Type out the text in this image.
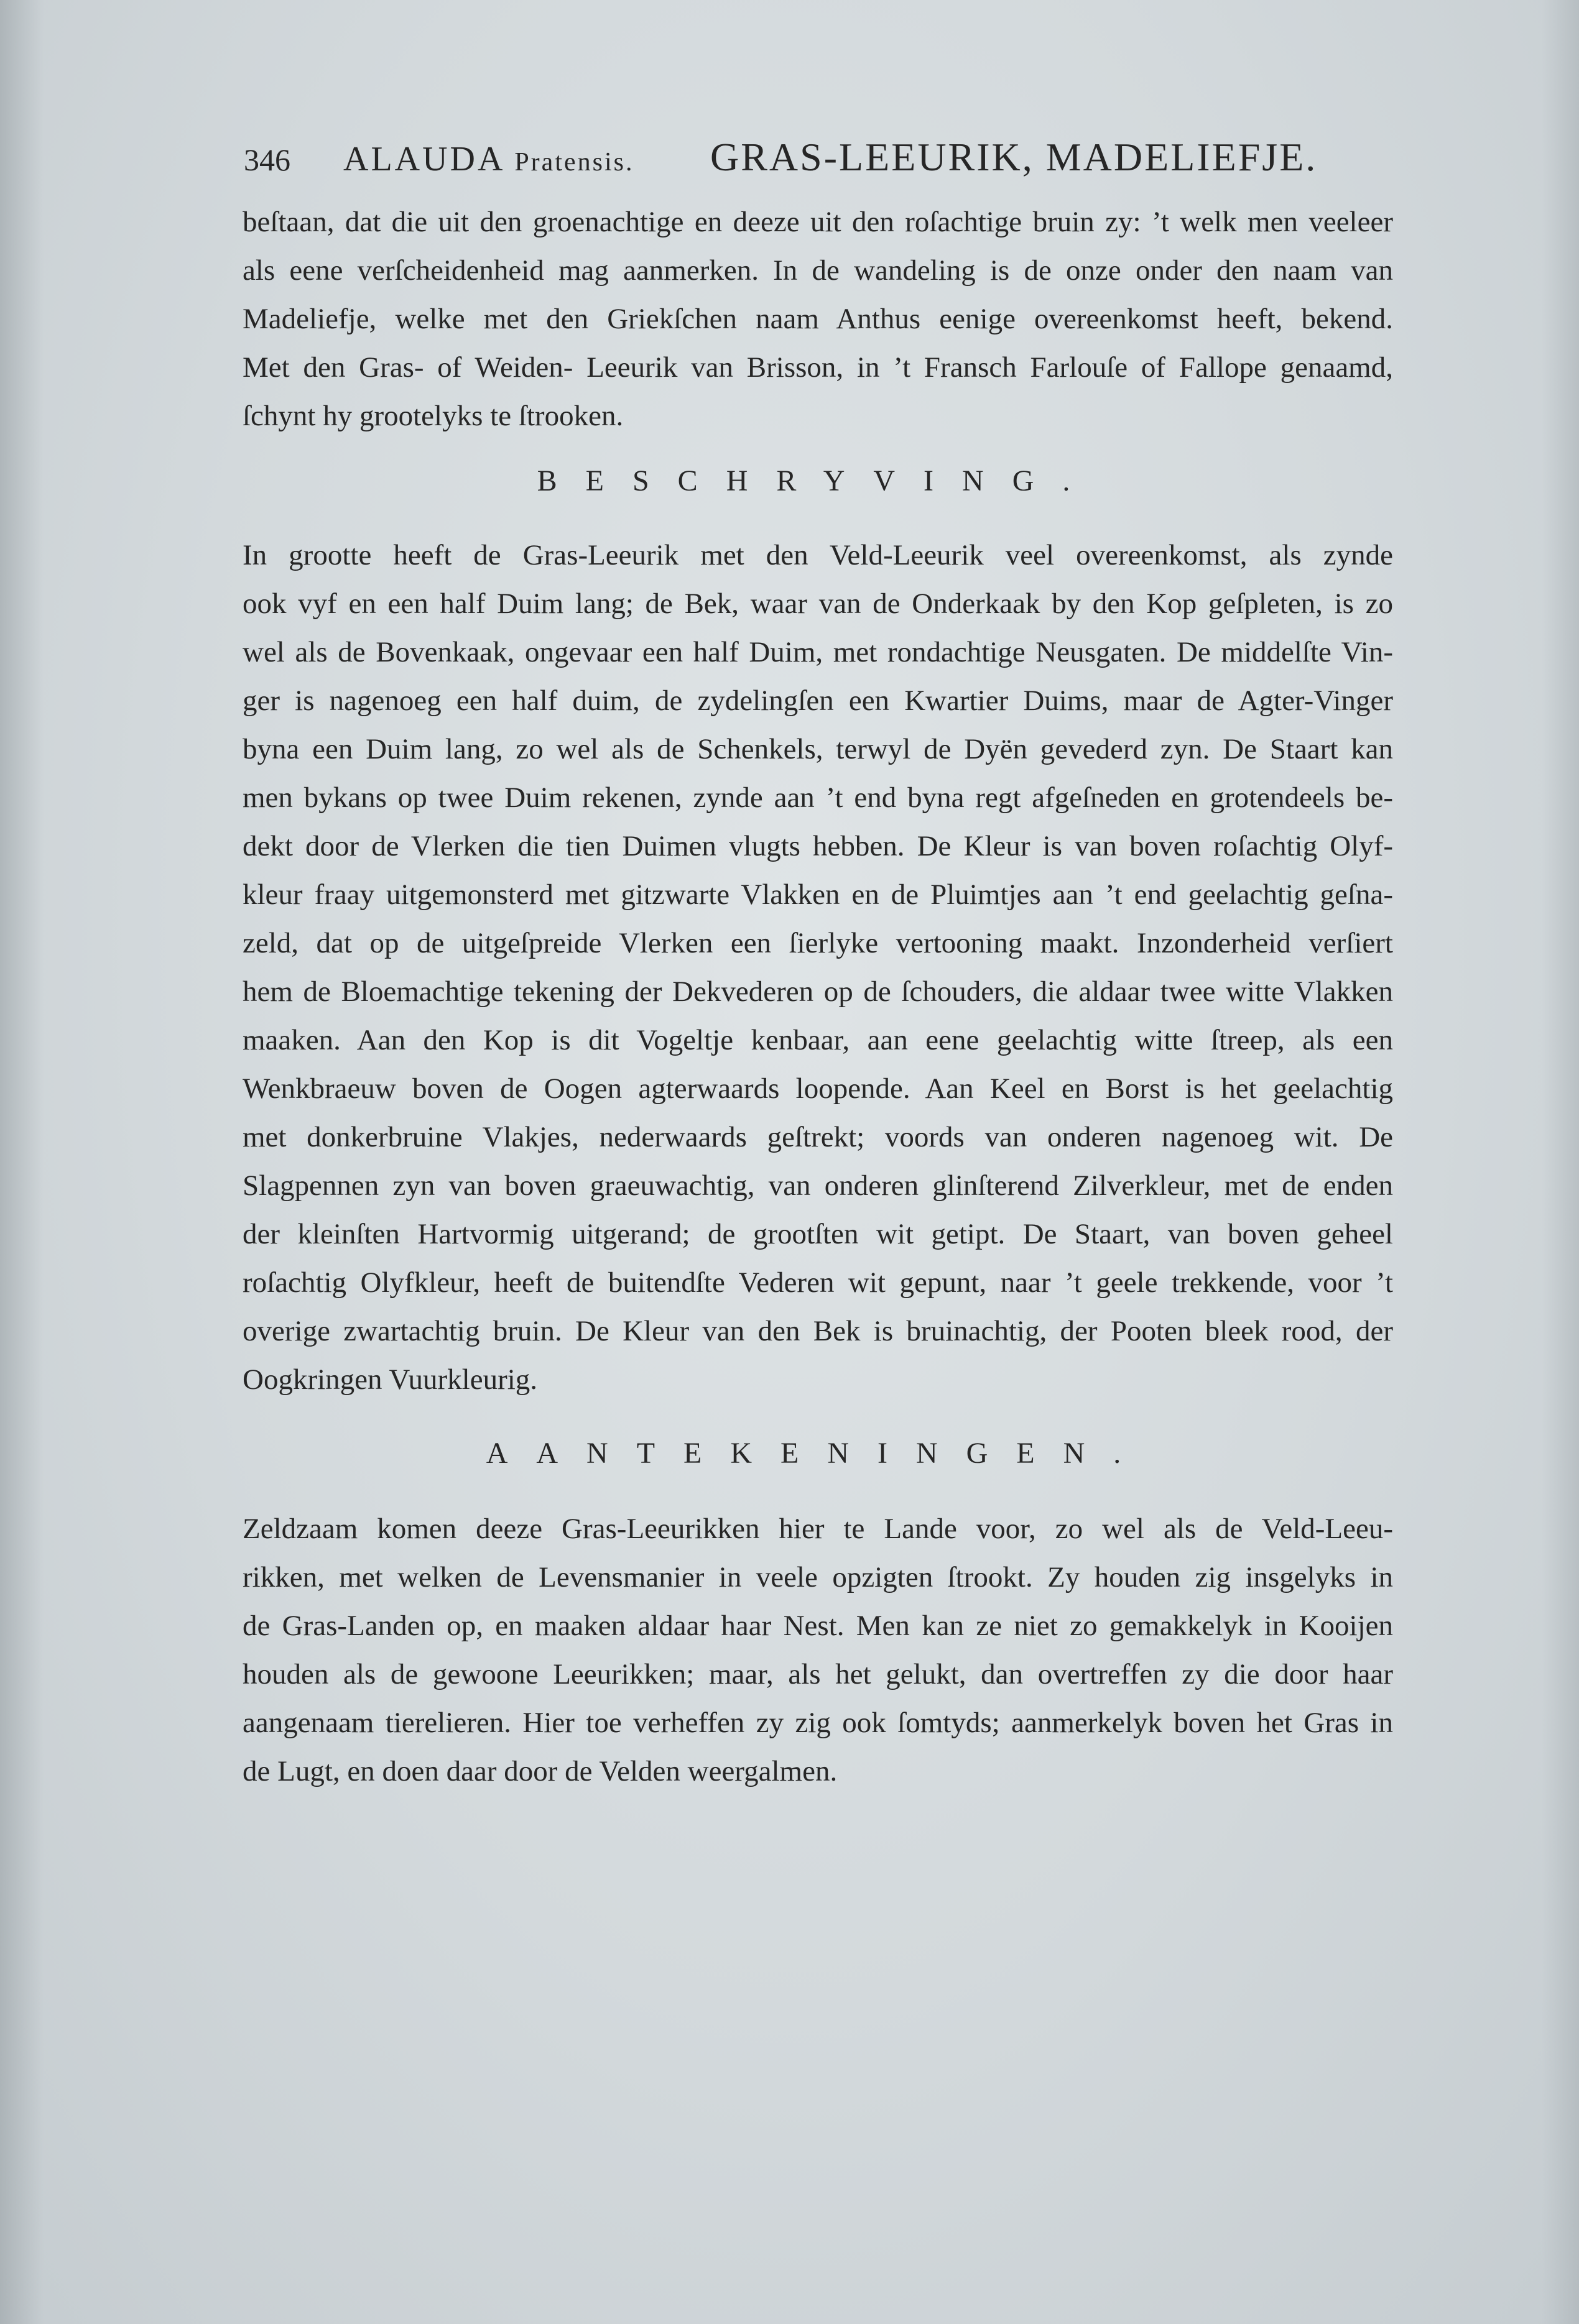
346 ALAUDA Pratensis. GRAS-LEEURIK, MADELIEFJE.
beſtaan, dat die uit den groenachtige en deeze uit den roſachtige bruin zy: ’t welk men veeleer
als eene verſcheidenheid mag aanmerken. In de wandeling is de onze onder den naam van
Madeliefje, welke met den Griekſchen naam Anthus eenige overeenkomst heeft, bekend.
Met den Gras- of Weiden- Leeurik van Brisson, in ’t Fransch Farlouſe of Fallope genaamd,
ſchynt hy grootelyks te ſtrooken.
BESCHRYVING.
In grootte heeft de Gras-Leeurik met den Veld-Leeurik veel overeenkomst, als zynde
ook vyf en een half Duim lang; de Bek, waar van de Onderkaak by den Kop geſpleten, is zo
wel als de Bovenkaak, ongevaar een half Duim, met rondachtige Neusgaten. De middelſte Vin-
ger is nagenoeg een half duim, de zydelingſen een Kwartier Duims, maar de Agter-Vinger
byna een Duim lang, zo wel als de Schenkels, terwyl de Dyën gevederd zyn. De Staart kan
men bykans op twee Duim rekenen, zynde aan ’t end byna regt afgeſneden en grotendeels be-
dekt door de Vlerken die tien Duimen vlugts hebben. De Kleur is van boven roſachtig Olyf-
kleur fraay uitgemonsterd met gitzwarte Vlakken en de Pluimtjes aan ’t end geelachtig geſna-
zeld, dat op de uitgeſpreide Vlerken een ſierlyke vertooning maakt. Inzonderheid verſiert
hem de Bloemachtige tekening der Dekvederen op de ſchouders, die aldaar twee witte Vlakken
maaken. Aan den Kop is dit Vogeltje kenbaar, aan eene geelachtig witte ſtreep, als een
Wenkbraeuw boven de Oogen agterwaards loopende. Aan Keel en Borst is het geelachtig
met donkerbruine Vlakjes, nederwaards geſtrekt; voords van onderen nagenoeg wit. De
Slagpennen zyn van boven graeuwachtig, van onderen glinſterend Zilverkleur, met de enden
der kleinſten Hartvormig uitgerand; de grootſten wit getipt. De Staart, van boven geheel
roſachtig Olyfkleur, heeft de buitendſte Vederen wit gepunt, naar ’t geele trekkende, voor ’t
overige zwartachtig bruin. De Kleur van den Bek is bruinachtig, der Pooten bleek rood, der
Oogkringen Vuurkleurig.
AANTEKENINGEN.
Zeldzaam komen deeze Gras-Leeurikken hier te Lande voor, zo wel als de Veld-Leeu-
rikken, met welken de Levensmanier in veele opzigten ſtrookt. Zy houden zig insgelyks in
de Gras-Landen op, en maaken aldaar haar Nest. Men kan ze niet zo gemakkelyk in Kooijen
houden als de gewoone Leeurikken; maar, als het gelukt, dan overtreffen zy die door haar
aangenaam tierelieren. Hier toe verheffen zy zig ook ſomtyds; aanmerkelyk boven het Gras in
de Lugt, en doen daar door de Velden weergalmen.
